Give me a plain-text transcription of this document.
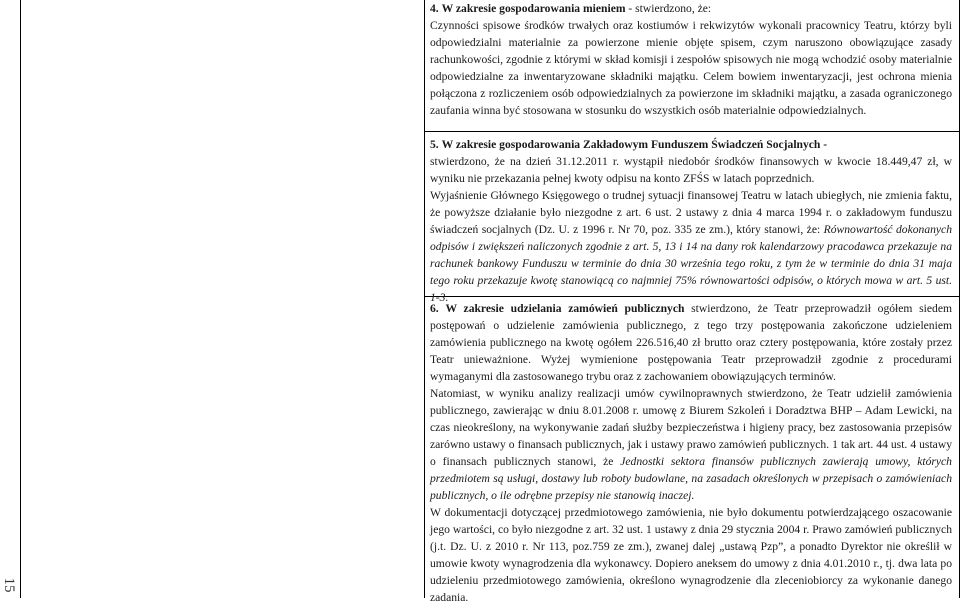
15

4. W zakresie gospodarowania mieniem - stwierdzono, że:

Czynności spisowe środków trwałych oraz kostiumów i rekwizytów wykonali pracownicy Teatru, którzy byli odpowiedzialni materialnie za powierzone mienie objęte spisem, czym naruszono obowiązujące zasady rachunkowości, zgodnie z którymi w skład komisji i zespołów spisowych nie mogą wchodzić osoby materialnie odpowiedzialne za inwentaryzowane składniki majątku. Celem bowiem inwentaryzacji, jest ochrona mienia połączona z rozliczeniem osób odpowiedzialnych za powierzone im składniki majątku, a zasada ograniczonego zaufania winna być stosowana w stosunku do wszystkich osób materialnie odpowiedzialnych.

5. W zakresie gospodarowania Zakładowym Funduszem Świadczeń Socjalnych -

stwierdzono, że na dzień 31.12.2011 r. wystąpił niedobór środków finansowych w kwocie 18.449,47 zł, w wyniku nie przekazania pełnej kwoty odpisu na konto ZFŚS w latach poprzednich.

Wyjaśnienie Głównego Księgowego o trudnej sytuacji finansowej Teatru w latach ubiegłych, nie zmienia faktu, że powyższe działanie było niezgodne z art. 6 ust. 2 ustawy z dnia 4 marca 1994 r. o zakładowym funduszu świadczeń socjalnych (Dz. U. z 1996 r. Nr 70, poz. 335 ze zm.), który stanowi, że: Równowartość dokonanych odpisów i zwiększeń naliczonych zgodnie z art. 5, 13 i 14 na dany rok kalendarzowy pracodawca przekazuje na rachunek bankowy Funduszu w terminie do dnia 30 września tego roku, z tym że w terminie do dnia 31 maja tego roku przekazuje kwotę stanowiącą co najmniej 75% równowartości odpisów, o których mowa w art. 5 ust. 1-3.

6. W zakresie udzielania zamówień publicznych stwierdzono, że Teatr przeprowadził ogółem siedem postępowań o udzielenie zamówienia publicznego, z tego trzy postępowania zakończone udzieleniem zamówienia publicznego na kwotę ogółem 226.516,40 zł brutto oraz cztery postępowania, które zostały przez Teatr unieważnione. Wyżej wymienione postępowania Teatr przeprowadził zgodnie z procedurami wymaganymi dla zastosowanego trybu oraz z zachowaniem obowiązujących terminów.

Natomiast, w wyniku analizy realizacji umów cywilnoprawnych stwierdzono, że Teatr udzielił zamówienia publicznego, zawierając w dniu 8.01.2008 r. umowę z Biurem Szkoleń i Doradztwa BHP – Adam Lewicki, na czas nieokreślony, na wykonywanie zadań służby bezpieczeństwa i higieny pracy, bez zastosowania przepisów zarówno ustawy o finansach publicznych, jak i ustawy prawo zamówień publicznych. 1 tak art. 44 ust. 4 ustawy o finansach publicznych stanowi, że Jednostki sektora finansów publicznych zawierają umowy, których przedmiotem są usługi, dostawy lub roboty budowlane, na zasadach określonych w przepisach o zamówieniach publicznych, o ile odrębne przepisy nie stanowią inaczej.

W dokumentacji dotyczącej przedmiotowego zamówienia, nie było dokumentu potwierdzającego oszacowanie jego wartości, co było niezgodne z art. 32 ust. 1 ustawy z dnia 29 stycznia 2004 r. Prawo zamówień publicznych (j.t. Dz. U. z 2010 r. Nr 113, poz.759 ze zm.), zwanej dalej „ustawą Pzp”, a ponadto Dyrektor nie określił w umowie kwoty wynagrodzenia dla wykonawcy. Dopiero aneksem do umowy z dnia 4.01.2010 r., tj. dwa lata po udzieleniu przedmiotowego zamówienia, określono wynagrodzenie dla zleceniobiorcy za wykonanie danego zadania.
